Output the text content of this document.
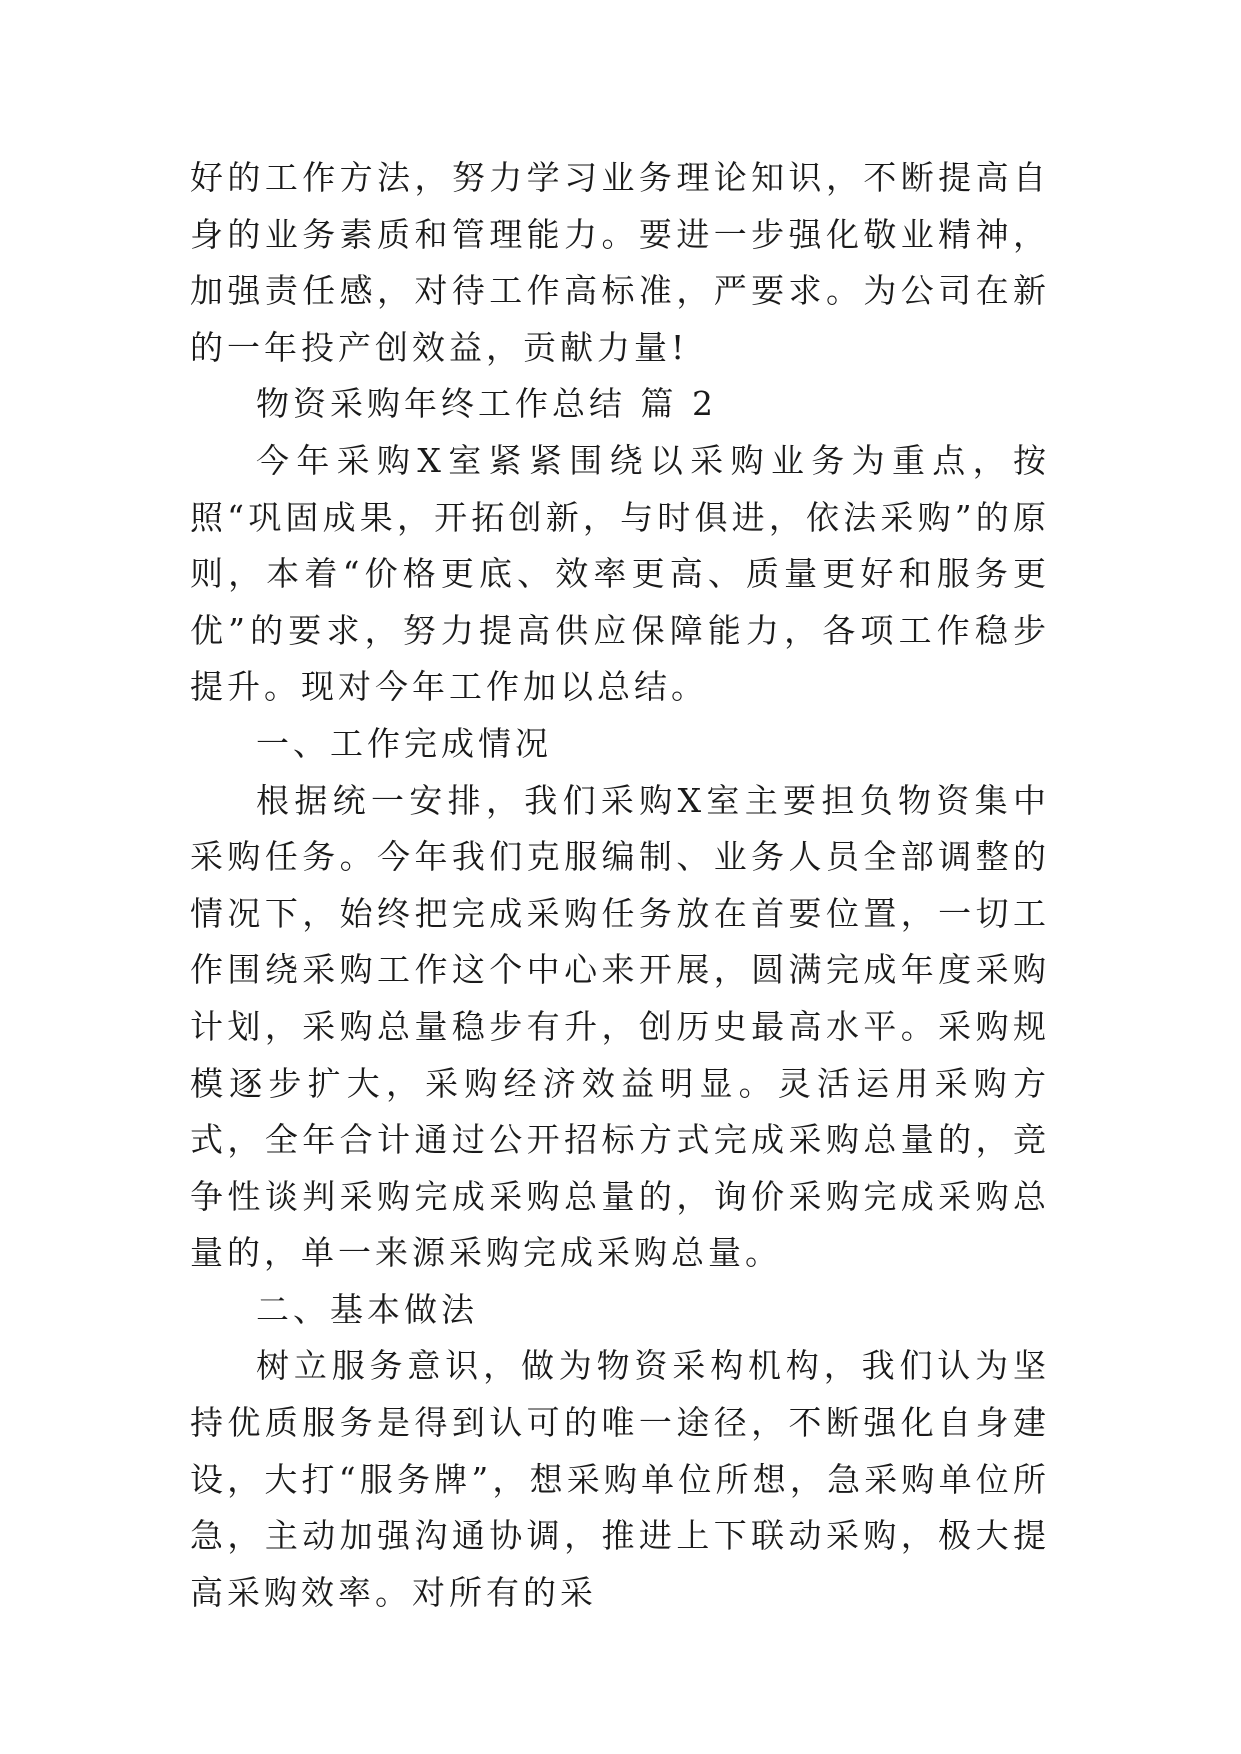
好的工作方法，努力学习业务理论知识，不断提高自身的业务素质和管理能力。要进一步强化敬业精神，加强责任感，对待工作高标准，严要求。为公司在新的一年投产创效益，贡献力量!

物资采购年终工作总结 篇 2

今年采购X室紧紧围绕以采购业务为重点，按照“巩固成果，开拓创新，与时俱进，依法采购”的原则，本着“价格更底、效率更高、质量更好和服务更优”的要求，努力提高供应保障能力，各项工作稳步提升。现对今年工作加以总结。

一、工作完成情况

根据统一安排，我们采购X室主要担负物资集中采购任务。今年我们克服编制、业务人员全部调整的情况下，始终把完成采购任务放在首要位置，一切工作围绕采购工作这个中心来开展，圆满完成年度采购计划，采购总量稳步有升，创历史最高水平。采购规模逐步扩大，采购经济效益明显。灵活运用采购方式，全年合计通过公开招标方式完成采购总量的，竞争性谈判采购完成采购总量的，询价采购完成采购总量的，单一来源采购完成采购总量。

二、基本做法

树立服务意识，做为物资采构机构，我们认为坚持优质服务是得到认可的唯一途径，不断强化自身建设，大打“服务牌”，想采购单位所想，急采购单位所急，主动加强沟通协调，推进上下联动采购，极大提高采购效率。对所有的采
